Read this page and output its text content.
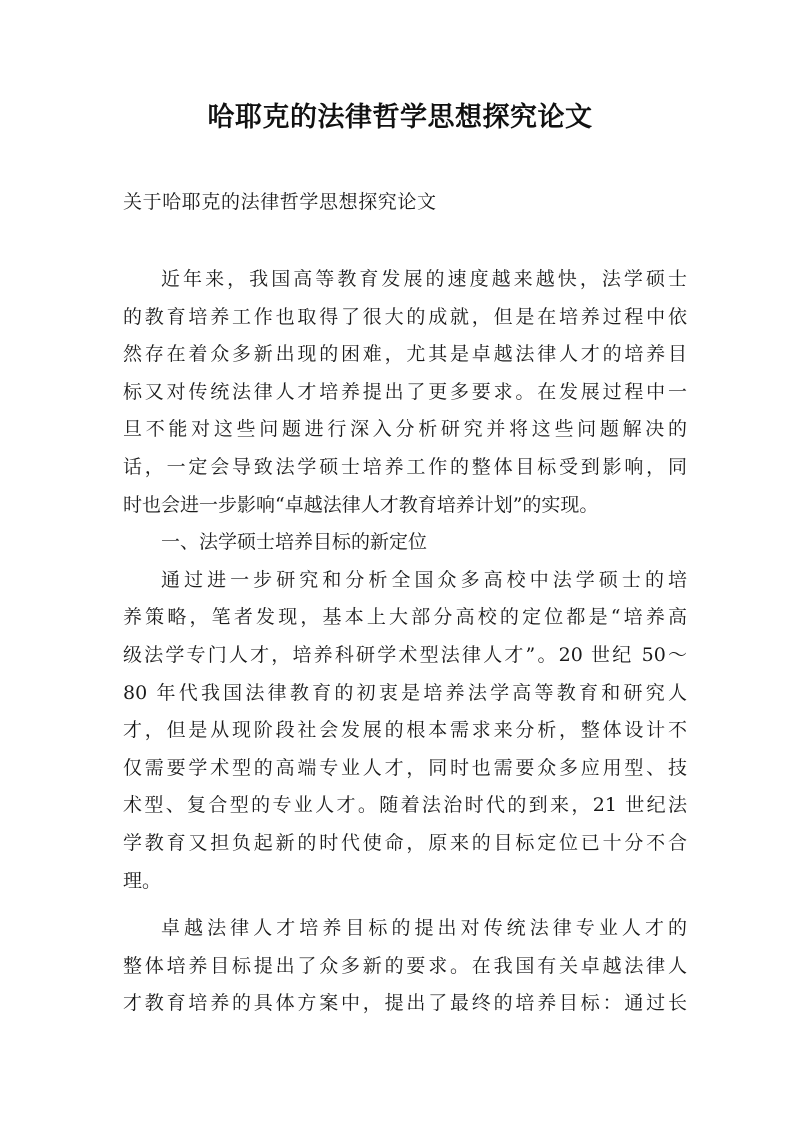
哈耶克的法律哲学思想探究论文
关于哈耶克的法律哲学思想探究论文
近年来，我国高等教育发展的速度越来越快，法学硕士
的教育培养工作也取得了很大的成就，但是在培养过程中依
然存在着众多新出现的困难，尤其是卓越法律人才的培养目
标又对传统法律人才培养提出了更多要求。在发展过程中一
旦不能对这些问题进行深入分析研究并将这些问题解决的
话，一定会导致法学硕士培养工作的整体目标受到影响，同
时也会进一步影响“卓越法律人才教育培养计划”的实现。
一、法学硕士培养目标的新定位
通过进一步研究和分析全国众多高校中法学硕士的培
养策略，笔者发现，基本上大部分高校的定位都是“培养高
级法学专门人才，培养科研学术型法律人才”。20 世纪 50～
80 年代我国法律教育的初衷是培养法学高等教育和研究人
才，但是从现阶段社会发展的根本需求来分析，整体设计不
仅需要学术型的高端专业人才，同时也需要众多应用型、技
术型、复合型的专业人才。随着法治时代的到来，21 世纪法
学教育又担负起新的时代使命，原来的目标定位已十分不合
理。
卓越法律人才培养目标的提出对传统法律专业人才的
整体培养目标提出了众多新的要求。在我国有关卓越法律人
才教育培养的具体方案中，提出了最终的培养目标：通过长
